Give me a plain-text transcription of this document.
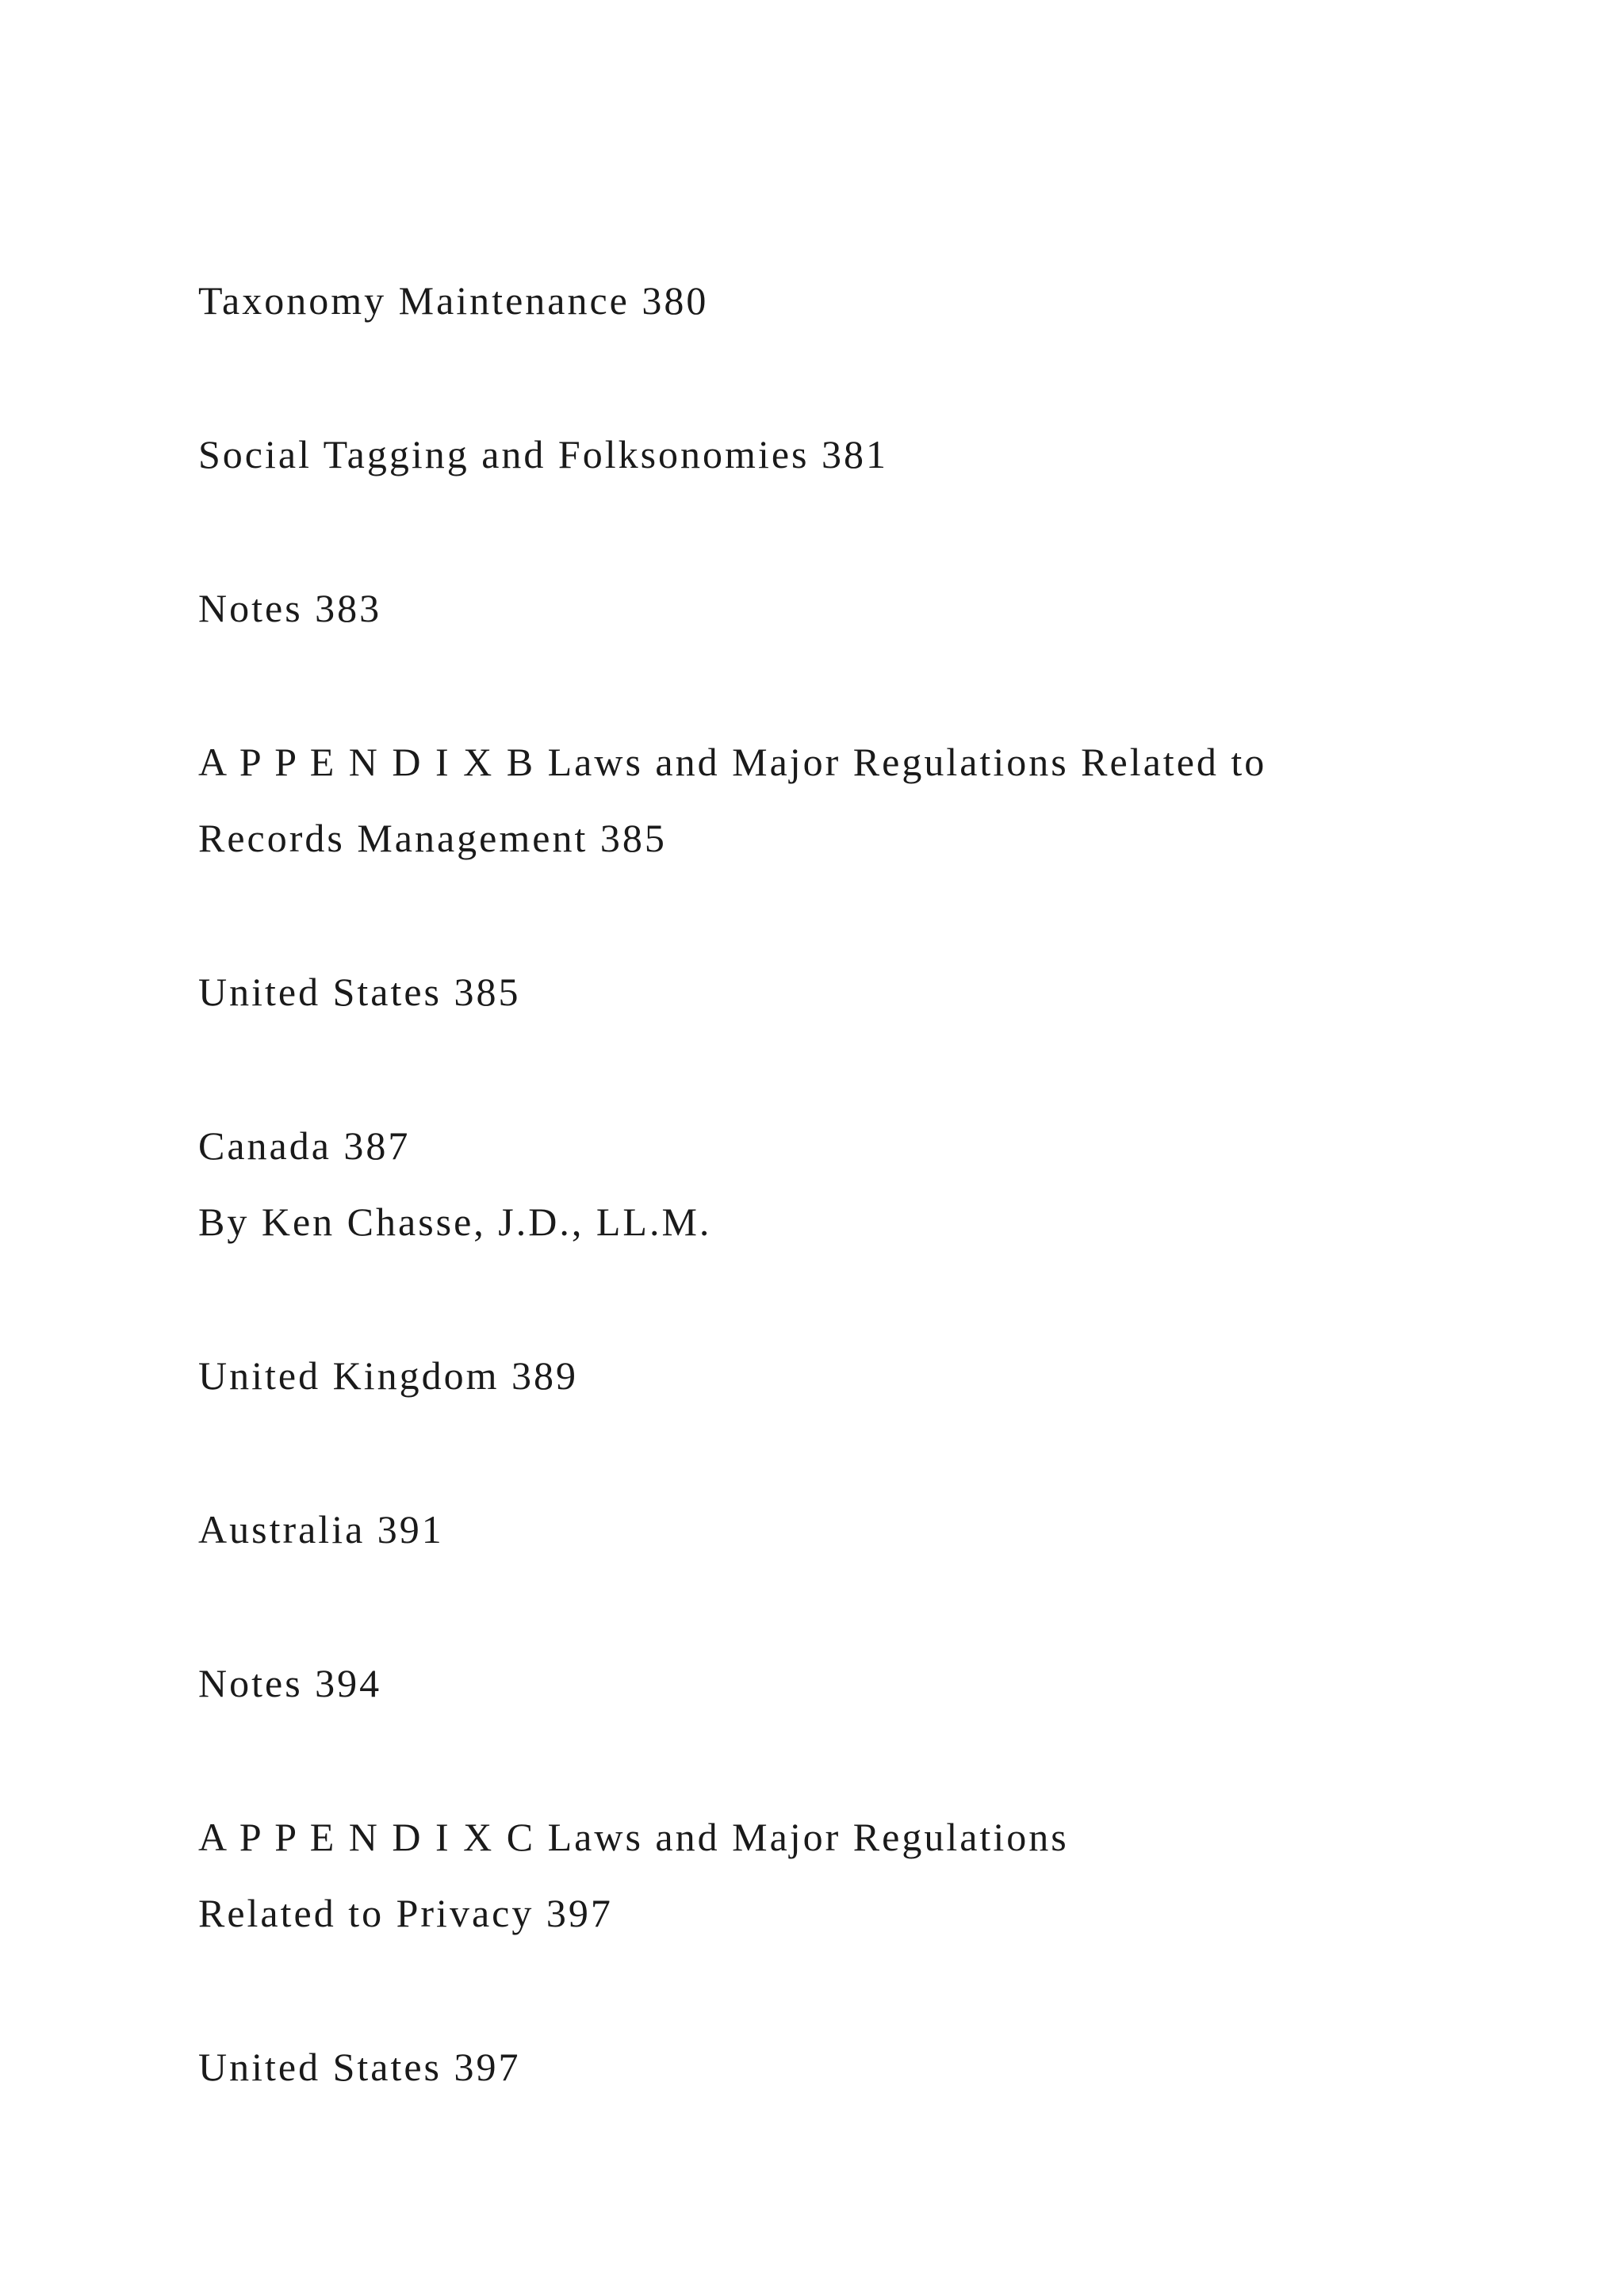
Taxonomy Maintenance 380
Social Tagging and Folksonomies 381
Notes 383
A P P E N D I X B Laws and Major Regulations Related to
Records Management 385
United States 385
Canada 387
By Ken Chasse, J.D., LL.M.
United Kingdom 389
Australia 391
Notes 394
A P P E N D I X C Laws and Major Regulations
Related to Privacy 397
United States 397
